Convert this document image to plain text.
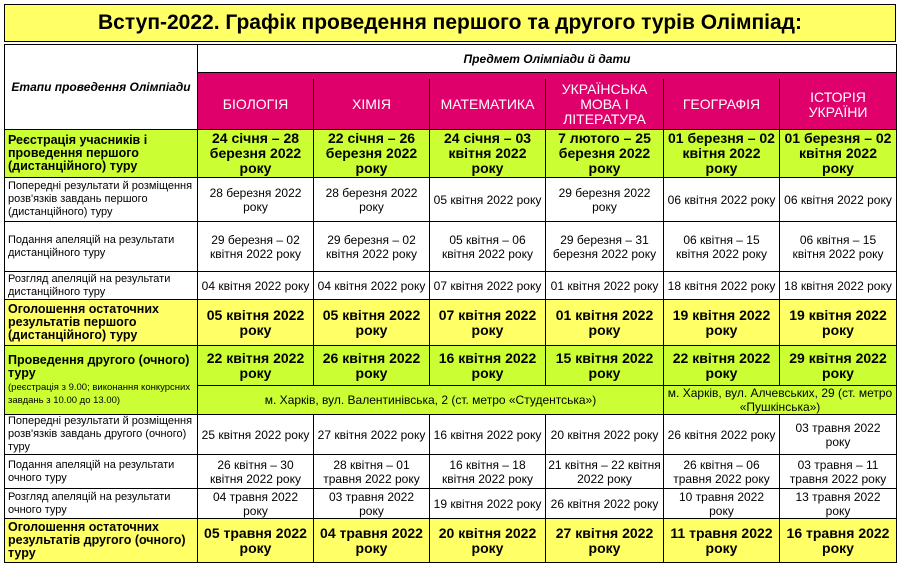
Вступ-2022. Графік проведення першого та другого турів Олімпіад:
Етапи проведення Олімпіади	Предмет Олімпіади й дати					

	БІОЛОГІЯ	ХІМІЯ	МАТЕМАТИКА	УКРАЇНСЬКА МОВА І ЛІТЕРАТУРА	ГЕОГРАФІЯ	ІСТОРІЯ УКРАЇНИ
Реєстрація учасників і проведення першого (дистанційного) туру	24 січня – 28 березня 2022 року	22 січня – 26 березня 2022 року	24 січня – 03 квітня 2022 року	7 лютого – 25 березня 2022 року	01 березня – 02 квітня 2022 року	01 березня – 02 квітня 2022 року
Попередні результати й розміщення розв'язків завдань першого (дистанційного) туру	28 березня 2022 року	28 березня 2022 року	05 квітня 2022 року	29 березня 2022 року	06 квітня 2022 року	06 квітня 2022 року
Подання апеляцій на результати дистанційного туру	29 березня – 02 квітня 2022 року	29 березня – 02 квітня 2022 року	05 квітня – 06 квітня 2022 року	29 березня – 31 березня 2022 року	06 квітня – 15 квітня 2022 року	06 квітня – 15 квітня 2022 року
Розгляд апеляцій на результати дистанційного туру	04 квітня 2022 року	04 квітня 2022 року	07 квітня 2022 року	01 квітня 2022 року	18 квітня 2022 року	18 квітня 2022 року
Оголошення остаточних результатів першого (дистанційного) туру	05 квітня 2022 року	05 квітня 2022 року	07 квітня 2022 року	01 квітня 2022 року	19 квітня 2022 року	19 квітня 2022 року
Проведення другого (очного) туру
(реєстрація з 9.00; виконання конкурсних завдань з 10.00 до 13.00)	22 квітня 2022 року	26 квітня 2022 року	16 квітня 2022 року	15 квітня 2022 року	22 квітня 2022 року	29 квітня 2022 року
	м. Харків, вул. Валентинівська, 2 (ст. метро «Студентська»)				м. Харків, вул. Алчевських, 29 (ст. метро «Пушкінська»)	
Попередні результати й розміщення розв'язків завдань другого (очного) туру	25 квітня 2022 року	27 квітня 2022 року	16 квітня 2022 року	20 квітня 2022 року	26 квітня 2022 року	03 травня 2022 року
Подання апеляцій на результати очного туру	26 квітня – 30 квітня 2022 року	28 квітня – 01 травня 2022 року	16 квітня – 18 квітня 2022 року	21 квітня – 22 квітня 2022 року	26 квітня – 06 травня 2022 року	03 травня – 11 травня 2022 року
Розгляд апеляцій на результати очного туру	04 травня 2022 року	03 травня 2022 року	19 квітня 2022 року	26 квітня 2022 року	10 травня 2022 року	13 травня 2022 року
Оголошення остаточних результатів другого (очного) туру	05 травня 2022 року	04 травня 2022 року	20 квітня 2022 року	27 квітня 2022 року	11 травня 2022 року	16 травня 2022 року
